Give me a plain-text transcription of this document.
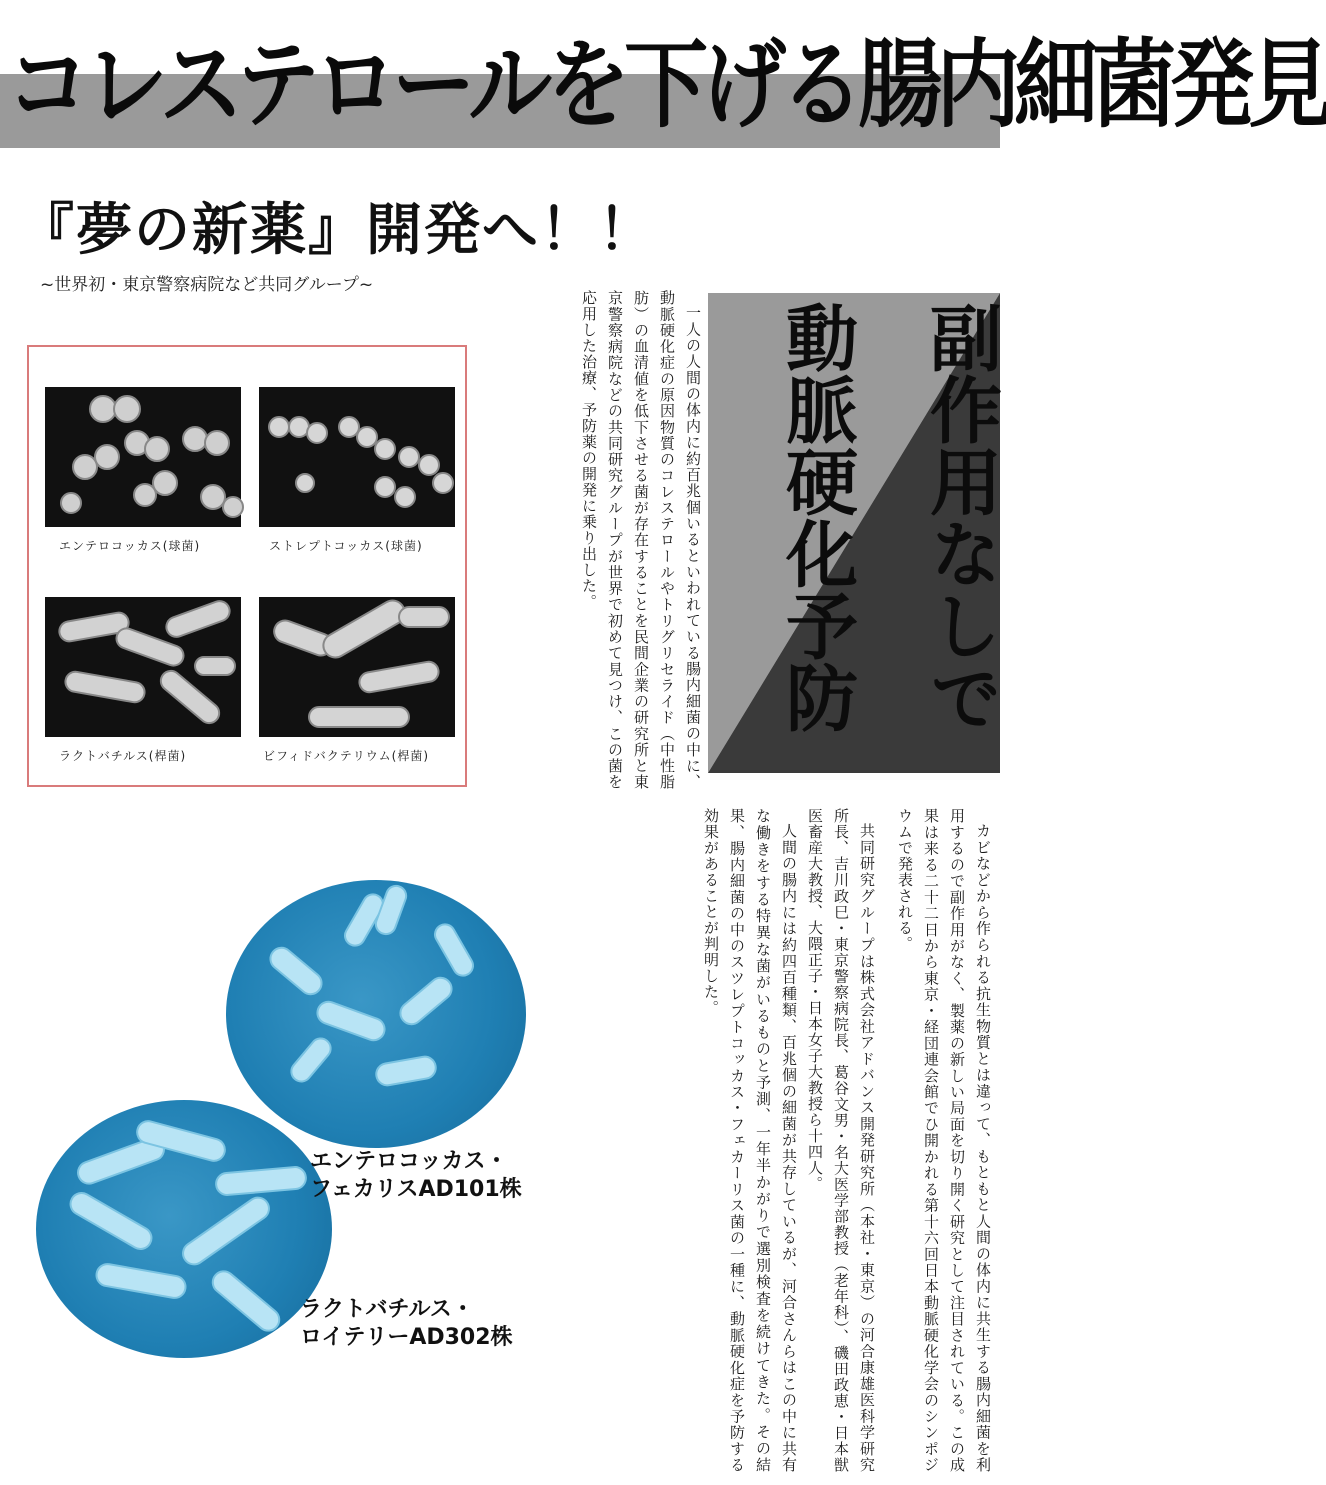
コレステロールを下げる腸内細菌発見
『夢の新薬』開発へ！！
~世界初・東京警察病院など共同グループ~
エンテロコッカス(球菌)	ストレプトコッカス(球菌)
ラクトバチルス(桿菌)	ビフィドバクテリウム(桿菌)
エンテロコッカス・
フェカリスAD101株
ラクトバチルス・
ロイテリーAD302株
副作用なしで
動脈硬化予防

一人の人間の体内に約百兆個いるといわれている腸内細菌の中に、動脈硬化症の原因物質のコレステロールやトリグリセライド（中性脂肪）の血清値を低下させる菌が存在することを民間企業の研究所と東京警察病院などの共同研究グループが世界で初めて見つけ、この菌を応用した治療、予防薬の開発に乗り出した。

カビなどから作られる抗生物質とは違って、もともと人間の体内に共生する腸内細菌を利用するので副作用がなく、製薬の新しい局面を切り開く研究として注目されている。この成果は来る二十二日から東京・経団連会館でひ開かれる第十六回日本動脈硬化学会のシンポジウムで発表される。

共同研究グループは株式会社アドバンス開発研究所（本社・東京）の河合康雄医科学研究所長、吉川政巳・東京警察病院長、葛谷文男・名大医学部教授（老年科）、磯田政恵・日本獣医畜産大教授、大隈正子・日本女子大教授ら十四人。

人間の腸内には約四百種類、百兆個の細菌が共存しているが、河合さんらはこの中に共有な働きをする特異な菌がいるものと予測、一年半かがりで選別検査を続けてきた。その結果、腸内細菌の中のスツレプトコッカス・フェカーリス菌の一種に、動脈硬化症を予防する効果があることが判明した。
